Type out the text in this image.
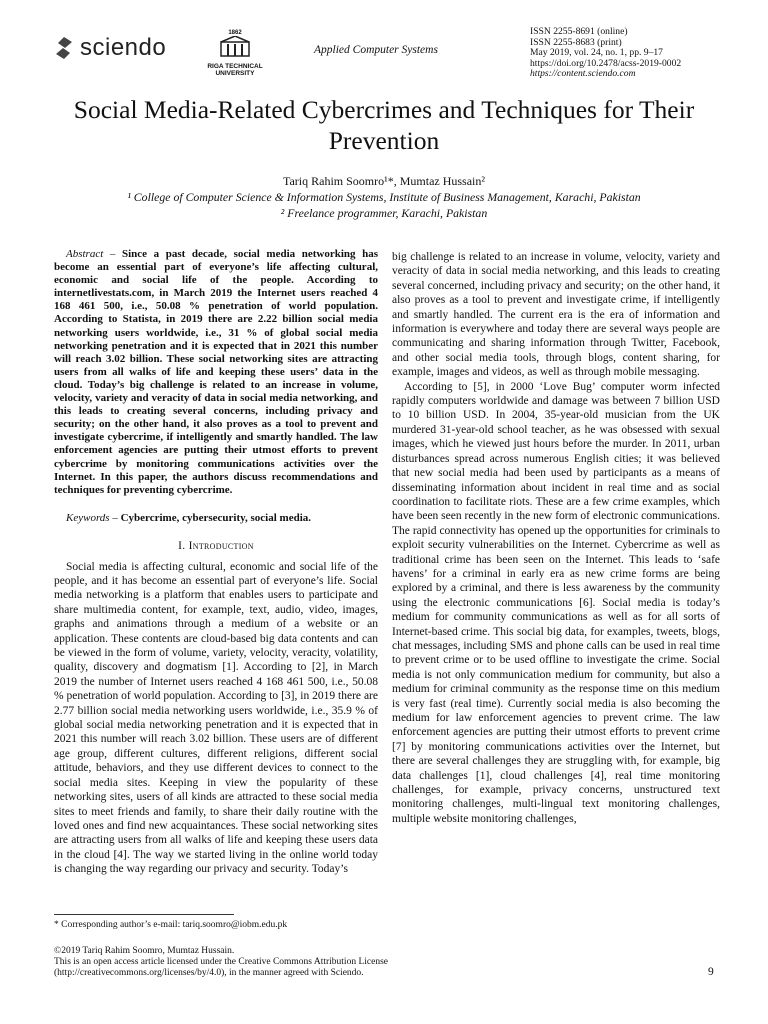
sciendo
1862
RIGA TECHNICAL UNIVERSITY
Applied Computer Systems
ISSN 2255-8691 (online)
ISSN 2255-8683 (print)
May 2019, vol. 24, no. 1, pp. 9–17
https://doi.org/10.2478/acss-2019-0002
https://content.sciendo.com
Social Media-Related Cybercrimes and Techniques for Their Prevention
Tariq Rahim Soomro¹*, Mumtaz Hussain²
¹ College of Computer Science & Information Systems, Institute of Business Management, Karachi, Pakistan
² Freelance programmer, Karachi, Pakistan

Abstract – Since a past decade, social media networking has become an essential part of everyone’s life affecting cultural, economic and social life of the people. According to internetlivestats.com, in March 2019 the Internet users reached 4 168 461 500, i.e., 50.08 % penetration of world population. According to Statista, in 2019 there are 2.22 billion social media networking users worldwide, i.e., 31 % of global social media networking penetration and it is expected that in 2021 this number will reach 3.02 billion. These social networking sites are attracting users from all walks of life and keeping these users’ data in the cloud. Today’s big challenge is related to an increase in volume, velocity, variety and veracity of data in social media networking, and this leads to creating several concerns, including privacy and security; on the other hand, it also proves as a tool to prevent and investigate cybercrime, if intelligently and smartly handled. The law enforcement agencies are putting their utmost efforts to prevent cybercrime by monitoring communications activities over the Internet. In this paper, the authors discuss recommendations and techniques for preventing cybercrime.

Keywords – Cybercrime, cybersecurity, social media.

I. Introduction

Social media is affecting cultural, economic and social life of the people, and it has become an essential part of everyone’s life. Social media networking is a platform that enables users to participate and share multimedia content, for example, text, audio, video, images, graphs and animations through a medium of a website or an application. These contents are cloud-based big data contents and can be viewed in the form of volume, variety, velocity, veracity, volatility, quality, discovery and dogmatism [1]. According to [2], in March 2019 the number of Internet users reached 4 168 461 500, i.e., 50.08 % penetration of world population. According to [3], in 2019 there are 2.77 billion social media networking users worldwide, i.e., 35.9 % of global social media networking penetration and it is expected that in 2021 this number will reach 3.02 billion. These users are of different age group, different cultures, different religions, different social attitude, behaviors, and they use different devices to connect to the social media sites. Keeping in view the popularity of these networking sites, users of all kinds are attracted to these social media sites to meet friends and family, to share their daily routine with the loved ones and find new acquaintances. These social networking sites are attracting users from all walks of life and keeping these users data in the cloud [4]. The way we started living in the online world today is changing the way regarding our privacy and security. Today’s

big challenge is related to an increase in volume, velocity, variety and veracity of data in social media networking, and this leads to creating several concerned, including privacy and security; on the other hand, it also proves as a tool to prevent and investigate crime, if intelligently and smartly handled. The current era is the era of information and information is everywhere and today there are several ways people are communicating and sharing information through Twitter, Facebook, and other social media tools, through blogs, content sharing, for example, images and videos, as well as through mobile messaging.

According to [5], in 2000 ‘Love Bug’ computer worm infected rapidly computers worldwide and damage was between 7 billion USD to 10 billion USD. In 2004, 35-year-old musician from the UK murdered 31-year-old school teacher, as he was obsessed with sexual images, which he viewed just hours before the murder. In 2011, urban disturbances spread across numerous English cities; it was believed that new social media had been used by participants as a means of disseminating information about incident in real time and as social coordination to facilitate riots. These are a few crime examples, which have been seen recently in the new form of electronic communications. The rapid connectivity has opened up the opportunities for criminals to exploit security vulnerabilities on the Internet. Cybercrime as well as traditional crime has been seen on the Internet. This leads to ‘safe havens’ for a criminal in early era as new crime forms are being explored by a criminal, and there is less awareness by the community using the electronic communications [6]. Social media is today’s medium for community communications as well as for all sorts of Internet-based crime. This social big data, for examples, tweets, blogs, chat messages, including SMS and phone calls can be used in real time to prevent crime or to be used offline to investigate the crime. Social media is not only communication medium for community, but also a medium for criminal community as the response time on this medium is very fast (real time). Currently social media is also becoming the medium for law enforcement agencies to prevent crime. The law enforcement agencies are putting their utmost efforts to prevent crime [7] by monitoring communications activities over the Internet, but there are several challenges they are struggling with, for example, big data challenges [1], cloud challenges [4], real time monitoring challenges, for example, privacy concerns, unstructured text monitoring challenges, multi-lingual text monitoring challenges, multiple website monitoring challenges,

* Corresponding author’s e-mail: tariq.soomro@iobm.edu.pk
©2019 Tariq Rahim Soomro, Mumtaz Hussain.
This is an open access article licensed under the Creative Commons Attribution License
(http://creativecommons.org/licenses/by/4.0), in the manner agreed with Sciendo.	9
